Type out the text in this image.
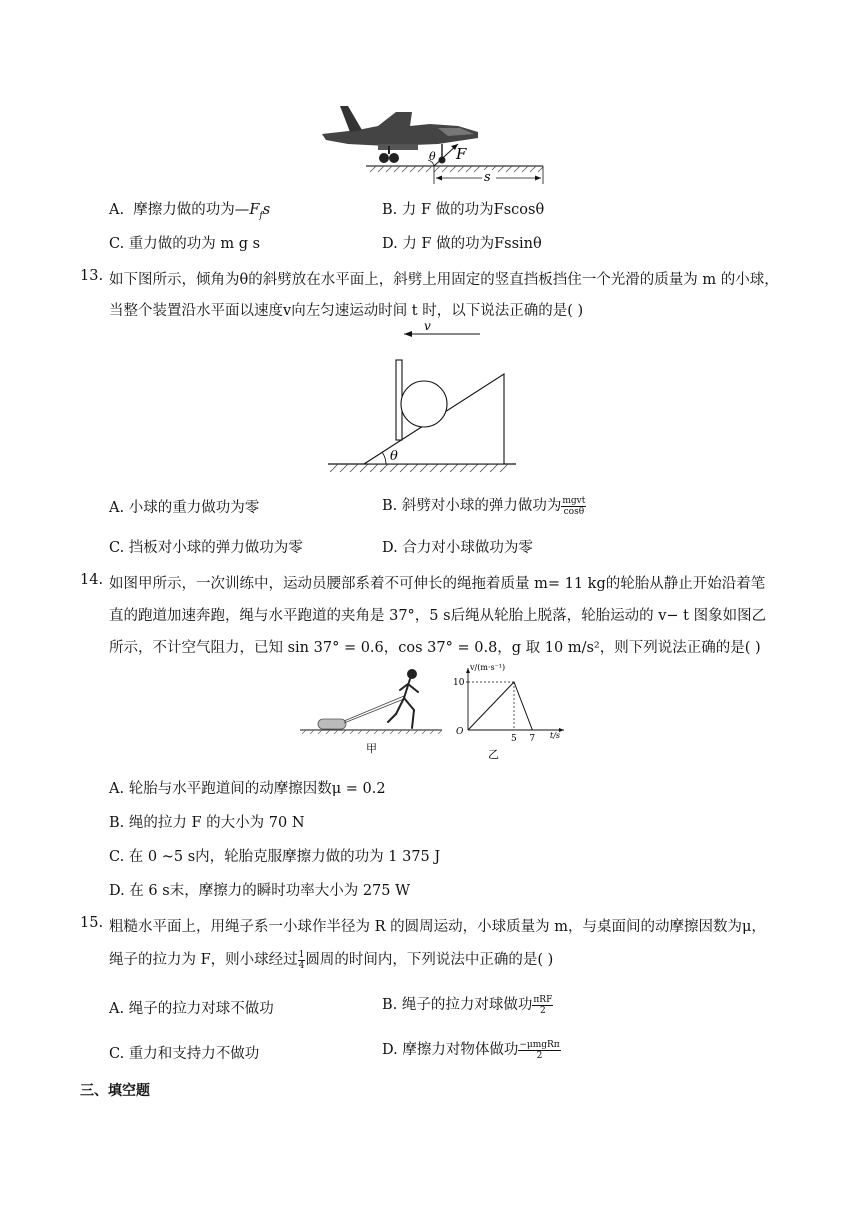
θ F
s
A.  摩擦力做的功为$—F_fs$	B. 力 F 做的功为Fscosθ
C. 重力做的功为 m g s	D. 力 F 做的功为Fssinθ
13. 如下图所示，倾角为θ的斜劈放在水平面上，斜劈上用固定的竖直挡板挡住一个光滑的质量为 m 的小球，
当整个装置沿水平面以速度v向左匀速运动时间 t 时，以下说法正确的是( )
v
θ
A. 小球的重力做功为零	B. 斜劈对小球的弹力做功为 $\frac{\text{mgvt}}{\cos\theta}$
C. 挡板对小球的弹力做功为零	D. 合力对小球做功为零
14. 如图甲所示，一次训练中，运动员腰部系着不可伸长的绳拖着质量 m= 11 kg的轮胎从静止开始沿着笔
直的跑道加速奔跑，绳与水平跑道的夹角是 37°，5 s后绳从轮胎上脱落，轮胎运动的 v− t 图象如图乙
所示，不计空气阻力，已知 sin 37° = 0.6，cos 37° = 0.8，g 取 10 m/s²，则下列说法正确的是( )
甲
v/(m·s⁻¹)
t/s
O
10
5 7
乙
A. 轮胎与水平跑道间的动摩擦因数μ = 0.2
B. 绳的拉力 F 的大小为 70 N
C. 在 0 ~5 s内，轮胎克服摩擦力做的功为 1 375 J
D. 在 6 s末，摩擦力的瞬时功率大小为 275 W
15. 粗糙水平面上，用绳子系一小球作半径为 R 的圆周运动，小球质量为 m，与桌面间的动摩擦因数为μ，
绳子的拉力为 F，则小球经过 $\frac{1}{4}$ 圆周的时间内，下列说法中正确的是( )
A. 绳子的拉力对球不做功	B. 绳子的拉力对球做功 $\frac{\text{πRF}}{2}$
C. 重力和支持力不做功	D. 摩擦力对物体做功 $\frac{\text{−μmgRπ}}{2}$
三、填空题
